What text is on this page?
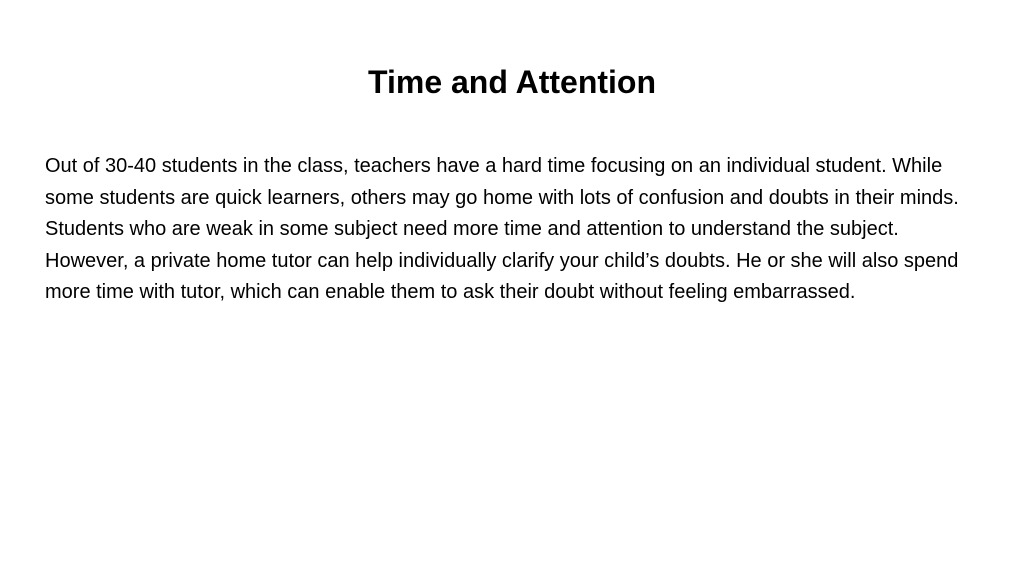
Time and Attention

Out of 30-40 students in the class, teachers have a hard time focusing on an individual student. While some students are quick learners, others may go home with lots of confusion and doubts in their minds. Students who are weak in some subject need more time and attention to understand the subject. However, a private home tutor can help individually clarify your child’s doubts. He or she will also spend more time with tutor, which can enable them to ask their doubt without feeling embarrassed.
